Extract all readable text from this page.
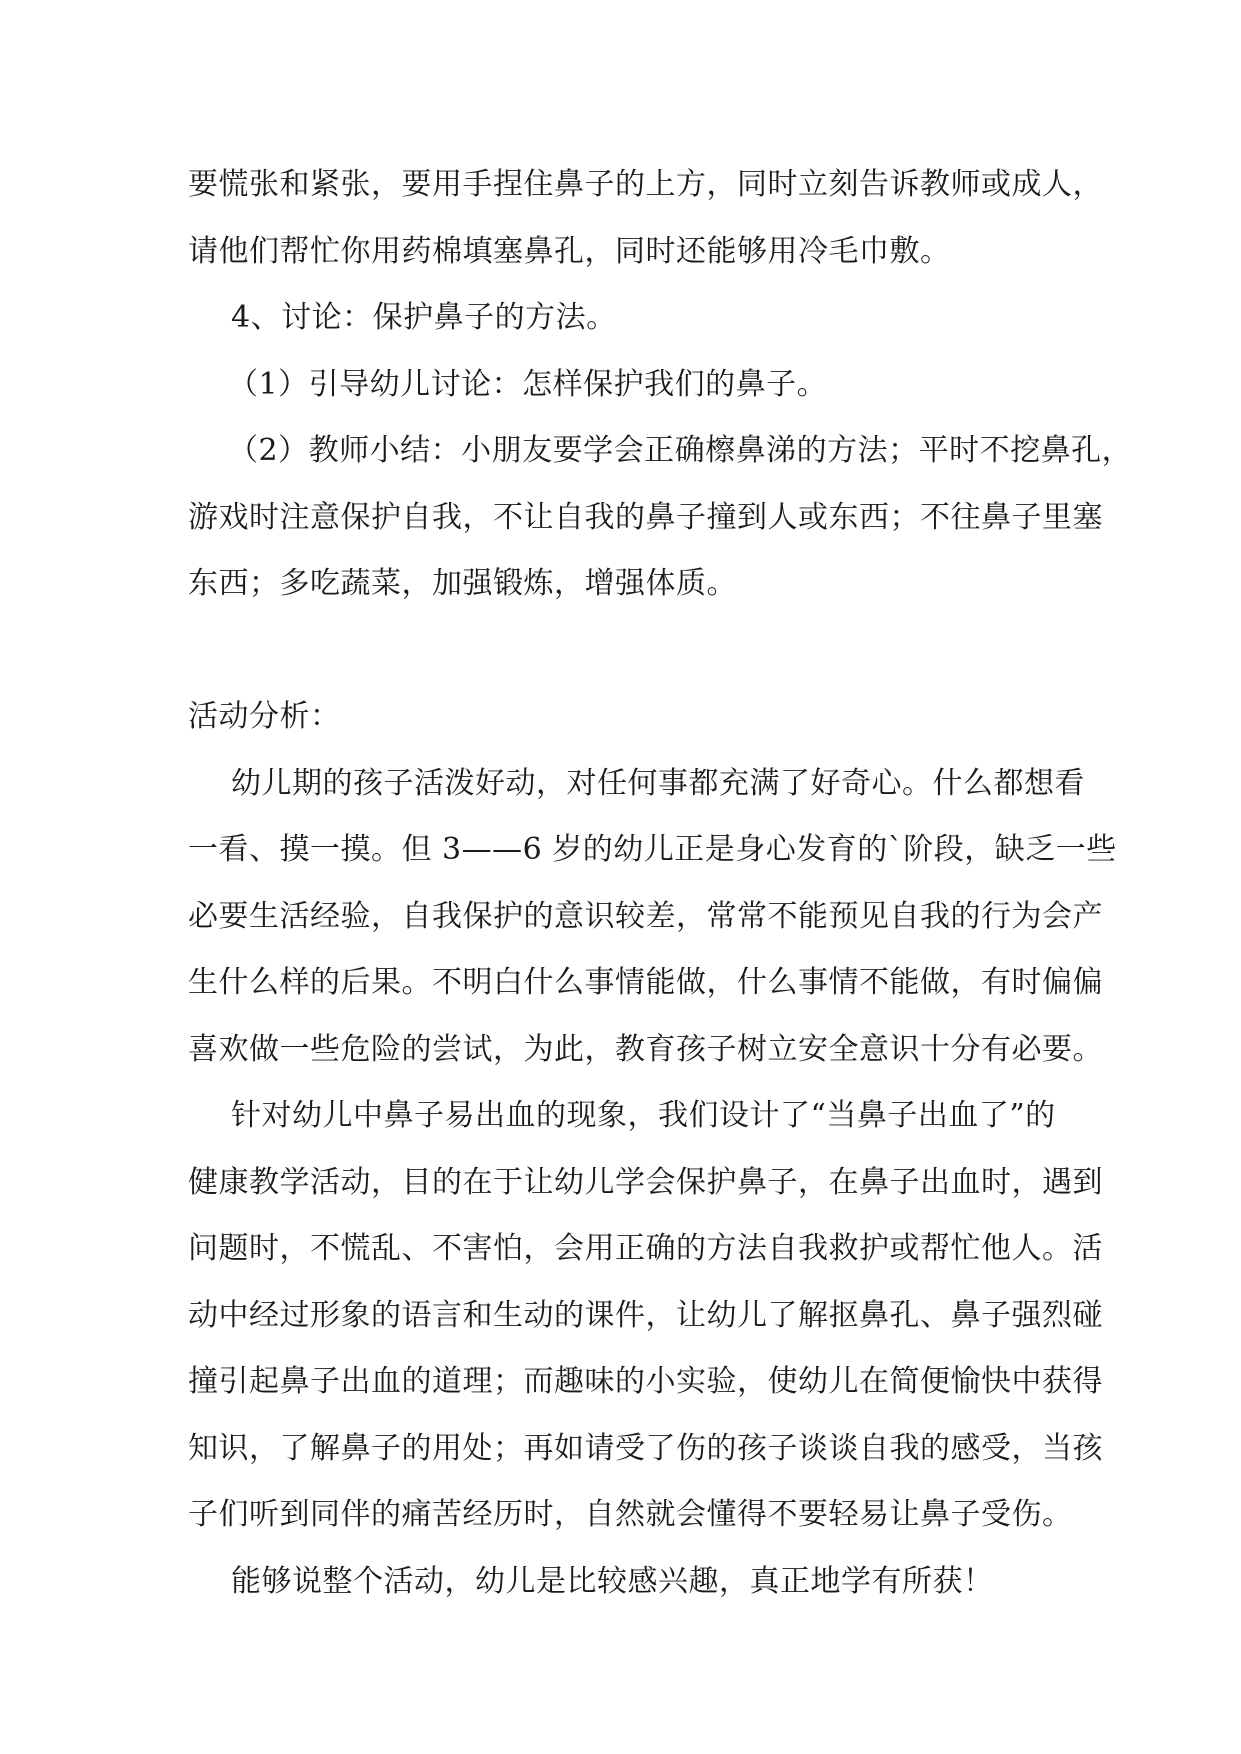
要慌张和紧张，要用手捏住鼻子的上方，同时立刻告诉教师或成人，
请他们帮忙你用药棉填塞鼻孔，同时还能够用冷毛巾敷。
4、讨论：保护鼻子的方法。
（1）引导幼儿讨论：怎样保护我们的鼻子。
（2）教师小结：小朋友要学会正确檫鼻涕的方法；平时不挖鼻孔，
游戏时注意保护自我，不让自我的鼻子撞到人或东西；不往鼻子里塞
东西；多吃蔬菜，加强锻炼，增强体质。
活动分析：
幼儿期的孩子活泼好动，对任何事都充满了好奇心。什么都想看
一看、摸一摸。但 3——6 岁的幼儿正是身心发育的`阶段，缺乏一些
必要生活经验，自我保护的意识较差，常常不能预见自我的行为会产
生什么样的后果。不明白什么事情能做，什么事情不能做，有时偏偏
喜欢做一些危险的尝试，为此，教育孩子树立安全意识十分有必要。
针对幼儿中鼻子易出血的现象，我们设计了“当鼻子出血了”的
健康教学活动，目的在于让幼儿学会保护鼻子，在鼻子出血时，遇到
问题时，不慌乱、不害怕，会用正确的方法自我救护或帮忙他人。活
动中经过形象的语言和生动的课件，让幼儿了解抠鼻孔、鼻子强烈碰
撞引起鼻子出血的道理；而趣味的小实验，使幼儿在简便愉快中获得
知识，了解鼻子的用处；再如请受了伤的孩子谈谈自我的感受，当孩
子们听到同伴的痛苦经历时，自然就会懂得不要轻易让鼻子受伤。
能够说整个活动，幼儿是比较感兴趣，真正地学有所获！
